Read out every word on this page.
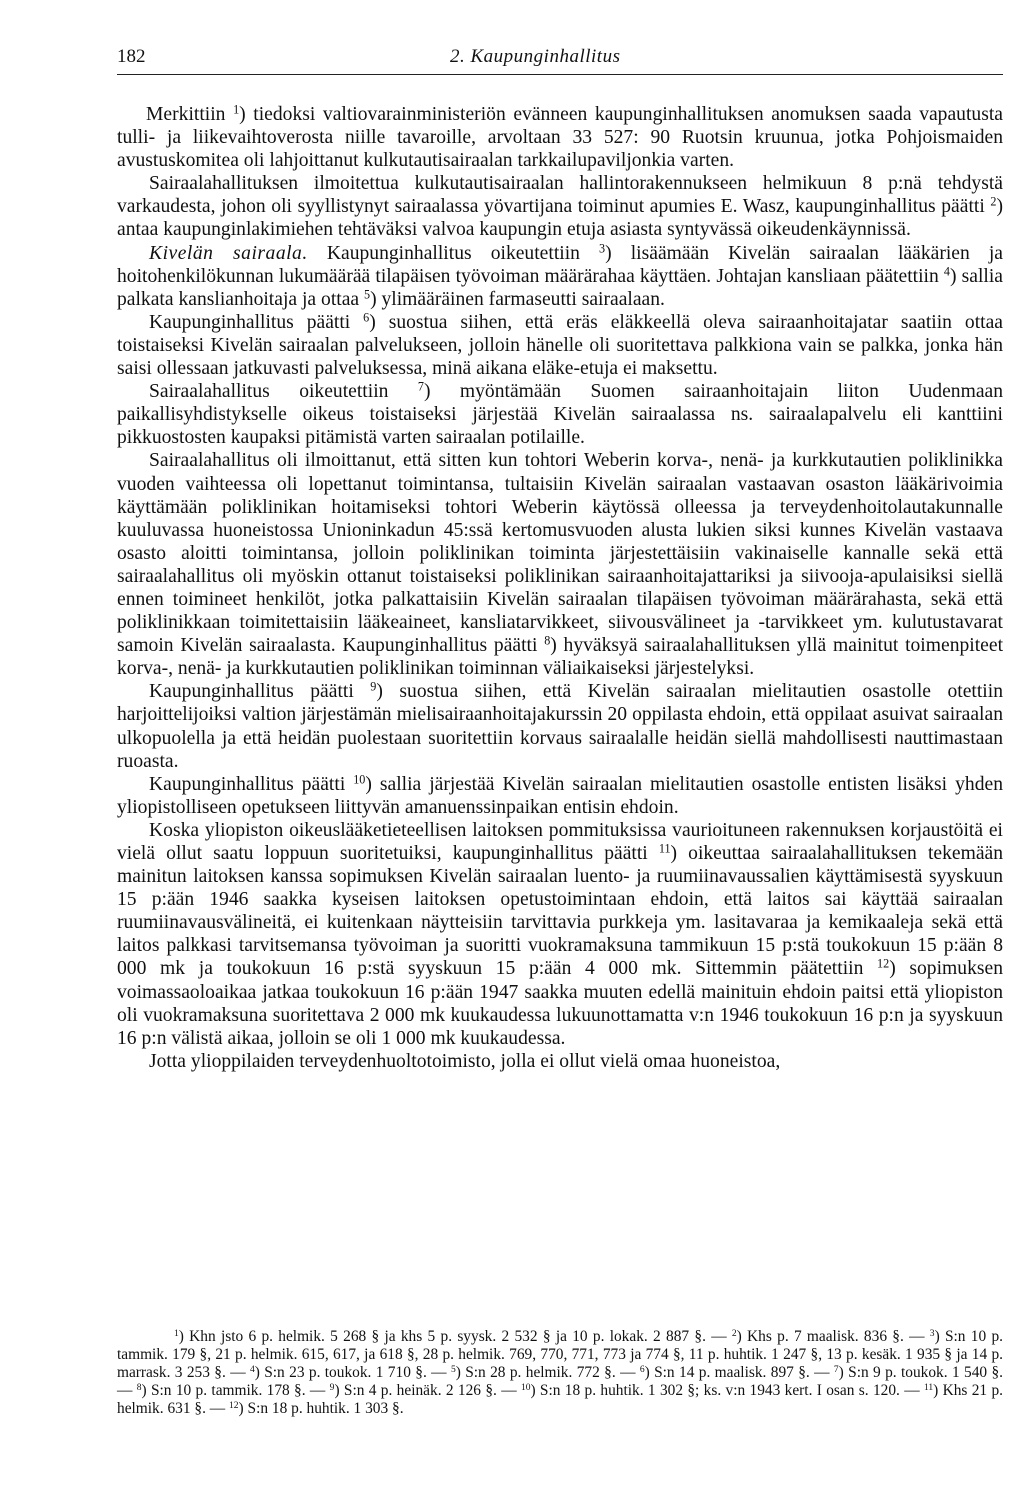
182	2. Kaupunginhallitus

Merkittiin $^1$) tiedoksi valtiovarainministeriön evänneen kaupunginhallituksen anomuksen saada vapautusta tulli- ja liikevaihtoverosta niille tavaroille, arvoltaan 33 527: 90 Ruotsin kruunua, jotka Pohjoismaiden avustuskomitea oli lahjoittanut kulkutautisairaalan tarkkailupaviljonkia varten.

Sairaalahallituksen ilmoitettua kulkutautisairaalan hallintorakennukseen helmikuun 8 p:nä tehdystä varkaudesta, johon oli syyllistynyt sairaalassa yövartijana toiminut apumies E. Wasz, kaupunginhallitus päätti $^2$) antaa kaupunginlakimiehen tehtäväksi valvoa kaupungin etuja asiasta syntyvässä oikeudenkäynnissä.

Kivelän sairaala. Kaupunginhallitus oikeutettiin $^3$) lisäämään Kivelän sairaalan lääkärien ja hoitohenkilökunnan lukumäärää tilapäisen työvoiman määrärahaa käyttäen. Johtajan kansliaan päätettiin $^4$) sallia palkata kanslianhoitaja ja ottaa $^5$) ylimääräinen farmaseutti sairaalaan.

Kaupunginhallitus päätti $^6$) suostua siihen, että eräs eläkkeellä oleva sairaanhoitajatar saatiin ottaa toistaiseksi Kivelän sairaalan palvelukseen, jolloin hänelle oli suoritettava palkkiona vain se palkka, jonka hän saisi ollessaan jatkuvasti palveluksessa, minä aikana eläke-etuja ei maksettu.

Sairaalahallitus oikeutettiin $^7$) myöntämään Suomen sairaanhoitajain liiton Uudenmaan paikallisyhdistykselle oikeus toistaiseksi järjestää Kivelän sairaalassa ns. sairaalapalvelu eli kanttiini pikkuostosten kaupaksi pitämistä varten sairaalan potilaille.

Sairaalahallitus oli ilmoittanut, että sitten kun tohtori Weberin korva-, nenä- ja kurkkutautien poliklinikka vuoden vaihteessa oli lopettanut toimintansa, tultaisiin Kivelän sairaalan vastaavan osaston lääkärivoimia käyttämään poliklinikan hoitamiseksi tohtori Weberin käytössä olleessa ja terveydenhoitolautakunnalle kuuluvassa huoneistossa Unioninkadun 45:ssä kertomusvuoden alusta lukien siksi kunnes Kivelän vastaava osasto aloitti toimintansa, jolloin poliklinikan toiminta järjestettäisiin vakinaiselle kannalle sekä että sairaalahallitus oli myöskin ottanut toistaiseksi poliklinikan sairaanhoitajattariksi ja siivooja-apulaisiksi siellä ennen toimineet henkilöt, jotka palkattaisiin Kivelän sairaalan tilapäisen työvoiman määrärahasta, sekä että poliklinikkaan toimitettaisiin lääkeaineet, kansliatarvikkeet, siivousvälineet ja -tarvikkeet ym. kulutustavarat samoin Kivelän sairaalasta. Kaupunginhallitus päätti $^8$) hyväksyä sairaalahallituksen yllä mainitut toimenpiteet korva-, nenä- ja kurkkutautien poliklinikan toiminnan väliaikaiseksi järjestelyksi.

Kaupunginhallitus päätti $^9$) suostua siihen, että Kivelän sairaalan mielitautien osastolle otettiin harjoittelijoiksi valtion järjestämän mielisairaanhoitajakurssin 20 oppilasta ehdoin, että oppilaat asuivat sairaalan ulkopuolella ja että heidän puolestaan suoritettiin korvaus sairaalalle heidän siellä mahdollisesti nauttimastaan ruoasta.

Kaupunginhallitus päätti $^{10}$) sallia järjestää Kivelän sairaalan mielitautien osastolle entisten lisäksi yhden yliopistolliseen opetukseen liittyvän amanuenssinpaikan entisin ehdoin.

Koska yliopiston oikeuslääketieteellisen laitoksen pommituksissa vaurioituneen rakennuksen korjaustöitä ei vielä ollut saatu loppuun suoritetuiksi, kaupunginhallitus päätti $^{11}$) oikeuttaa sairaalahallituksen tekemään mainitun laitoksen kanssa sopimuksen Kivelän sairaalan luento- ja ruumiinavaussalien käyttämisestä syyskuun 15 p:ään 1946 saakka kyseisen laitoksen opetustoimintaan ehdoin, että laitos sai käyttää sairaalan ruumiinavausvälineitä, ei kuitenkaan näytteisiin tarvittavia purkkeja ym. lasitavaraa ja kemikaaleja sekä että laitos palkkasi tarvitsemansa työvoiman ja suoritti vuokramaksuna tammikuun 15 p:stä toukokuun 15 p:ään 8 000 mk ja toukokuun 16 p:stä syyskuun 15 p:ään 4 000 mk. Sittemmin päätettiin $^{12}$) sopimuksen voimassaoloaikaa jatkaa toukokuun 16 p:ään 1947 saakka muuten edellä mainituin ehdoin paitsi että yliopiston oli vuokramaksuna suoritettava 2 000 mk kuukaudessa lukuunottamatta v:n 1946 toukokuun 16 p:n ja syyskuun 16 p:n välistä aikaa, jolloin se oli 1 000 mk kuukaudessa.

Jotta ylioppilaiden terveydenhuoltotoimisto, jolla ei ollut vielä omaa huoneistoa,

$^1$) Khn jsto 6 p. helmik. 5 268 § ja khs 5 p. syysk. 2 532 § ja 10 p. lokak. 2 887 §. — $^2$) Khs p. 7 maalisk. 836 §. — $^3$) S:n 10 p. tammik. 179 §, 21 p. helmik. 615, 617, ja 618 §, 28 p. helmik. 769, 770, 771, 773 ja 774 §, 11 p. huhtik. 1 247 §, 13 p. kesäk. 1 935 § ja 14 p. marrask. 3 253 §. — $^4$) S:n 23 p. toukok. 1 710 §. — $^5$) S:n 28 p. helmik. 772 §. — $^6$) S:n 14 p. maalisk. 897 §. — $^7$) S:n 9 p. toukok. 1 540 §. — $^8$) S:n 10 p. tammik. 178 §. — $^9$) S:n 4 p. heinäk. 2 126 §. — $^{10}$) S:n 18 p. huhtik. 1 302 §; ks. v:n 1943 kert. I osan s. 120. — $^{11}$) Khs 21 p. helmik. 631 §. — $^{12}$) S:n 18 p. huhtik. 1 303 §.
